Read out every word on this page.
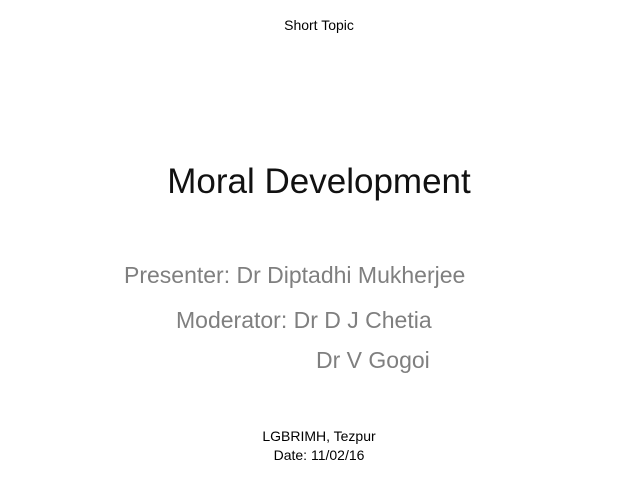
Short Topic
Moral Development
Presenter: Dr Diptadhi Mukherjee
Moderator: Dr D J Chetia
Dr V Gogoi
LGBRIMH, Tezpur
Date: 11/02/16
